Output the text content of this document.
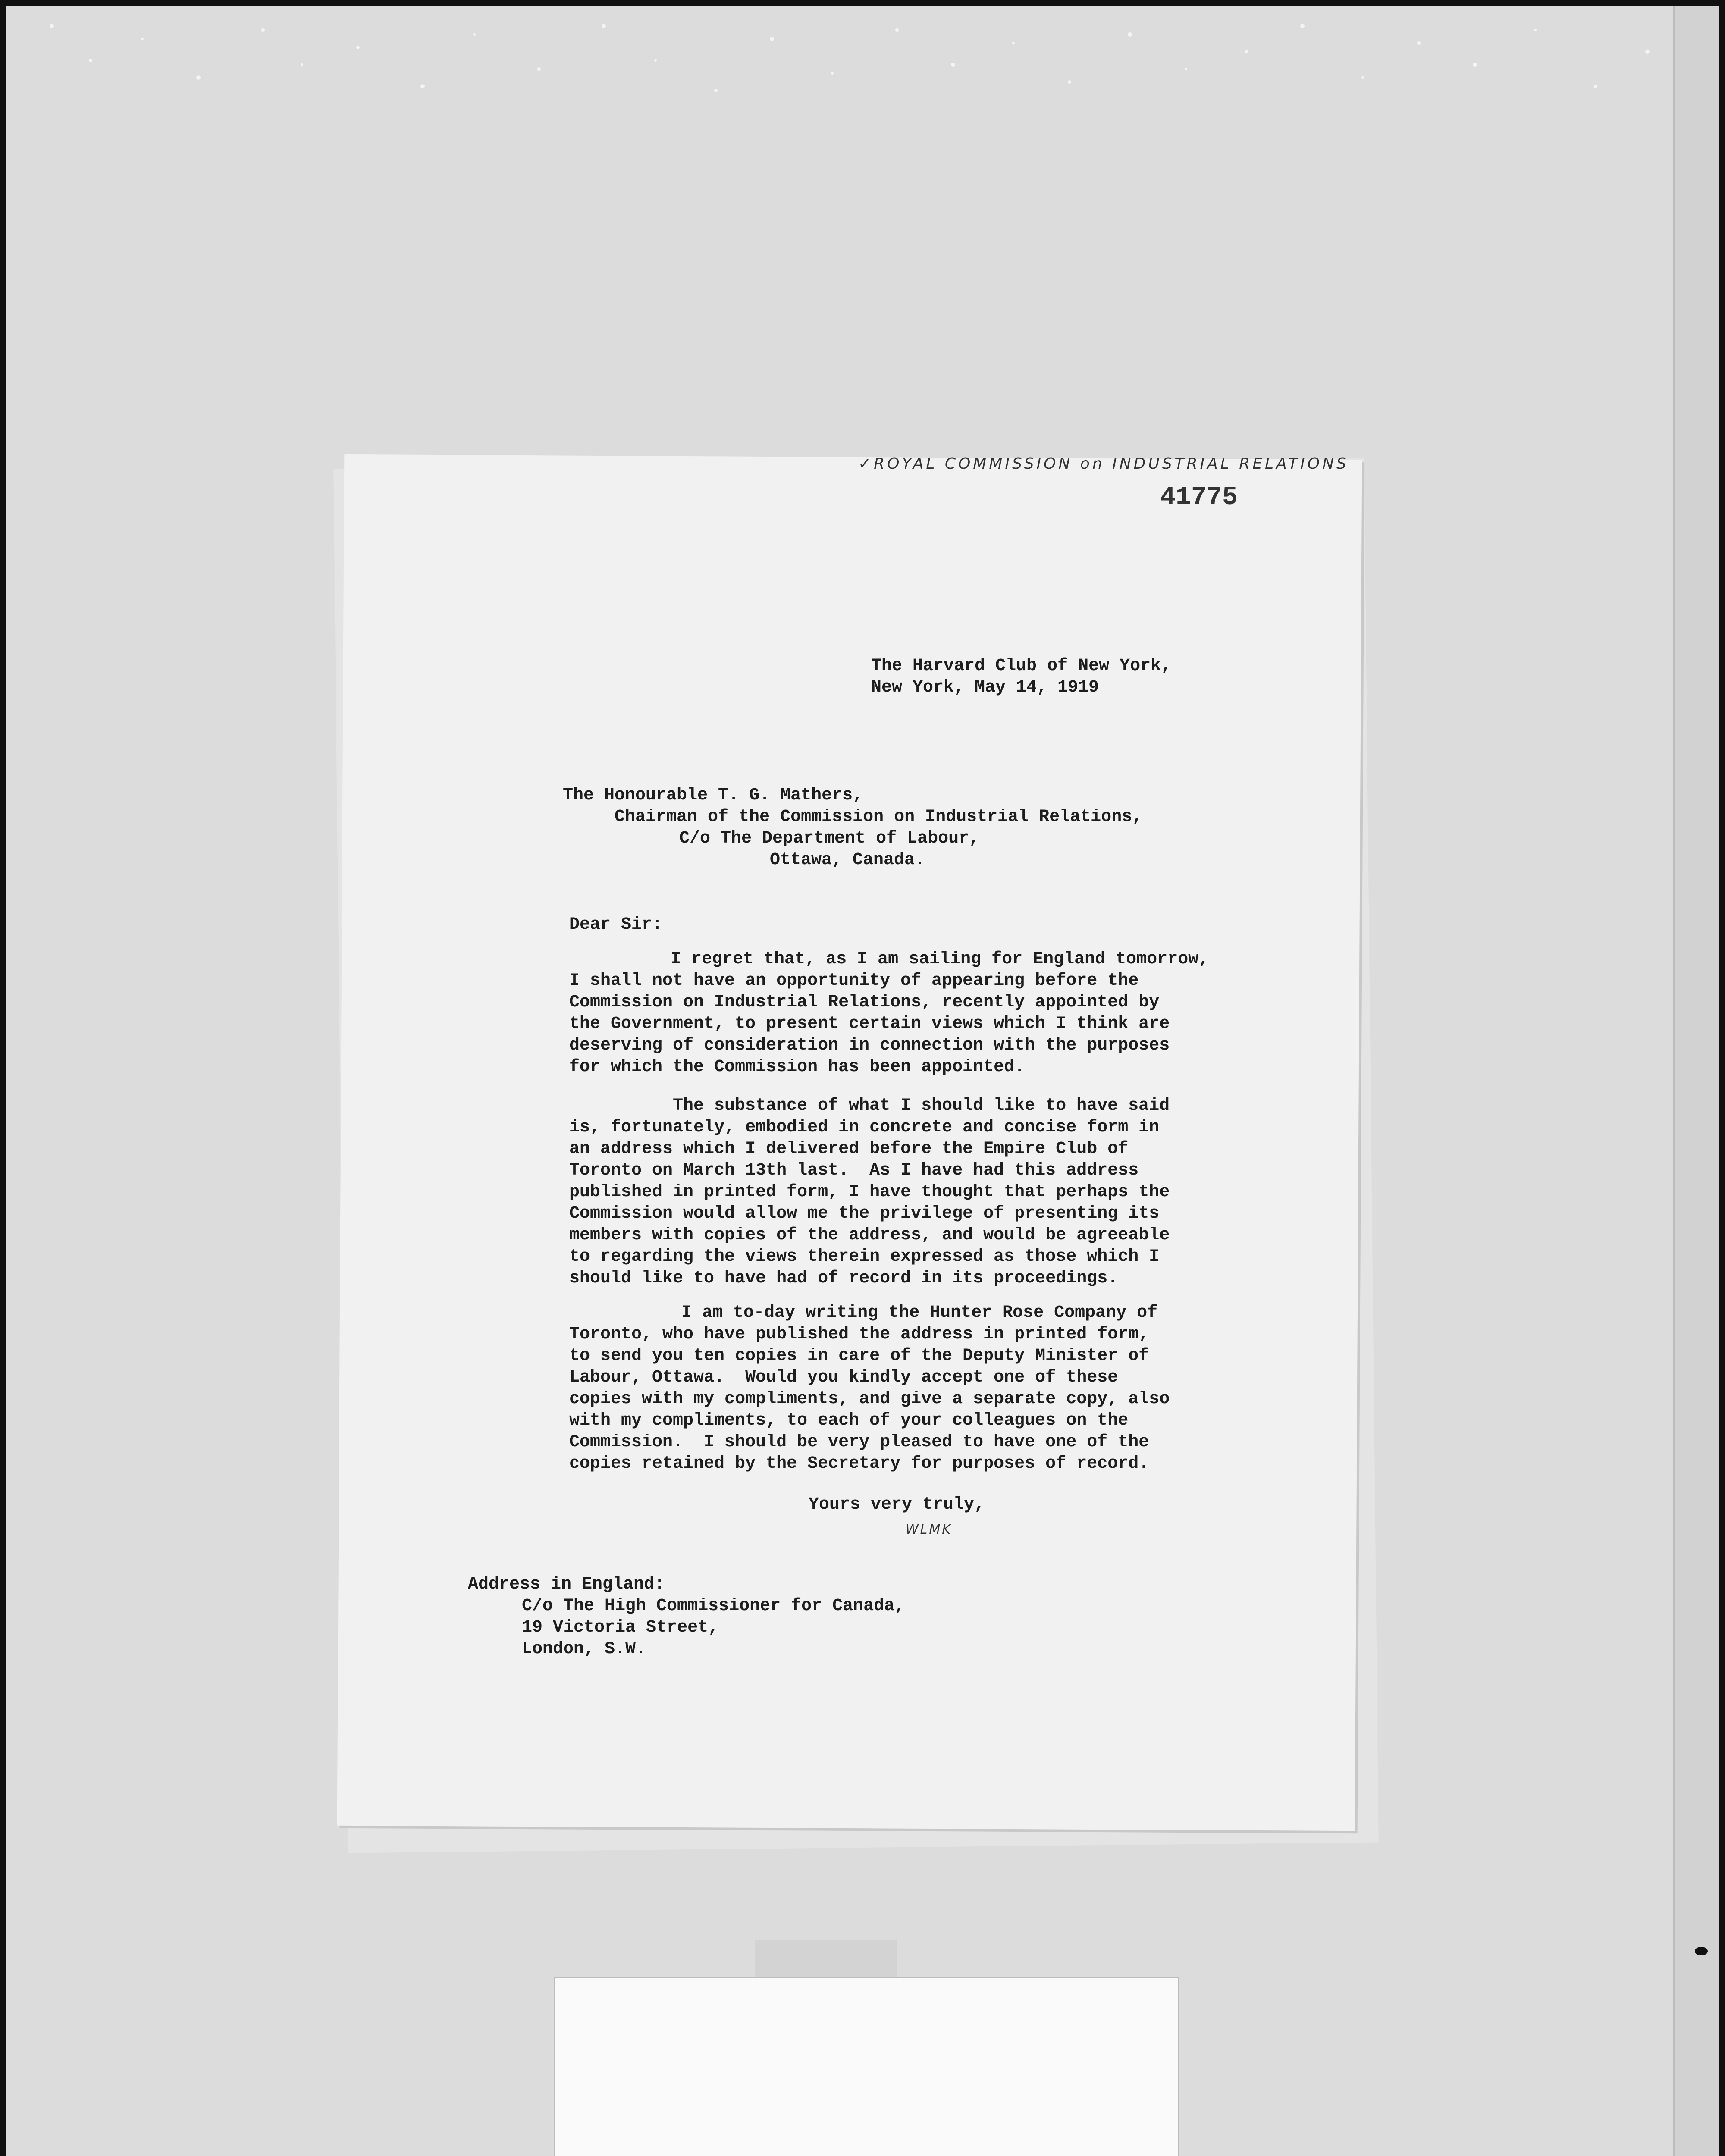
✓ROYAL COMMISSION on INDUSTRIAL RELATIONS
41775
The Harvard Club of New York,
New York, May 14, 1919
The Honourable T. G. Mathers,
Chairman of the Commission on Industrial Relations,
C/o The Department of Labour,
Ottawa, Canada.
Dear Sir:
I regret that, as I am sailing for England tomorrow,
I shall not have an opportunity of appearing before the
Commission on Industrial Relations, recently appointed by
the Government, to present certain views which I think are
deserving of consideration in connection with the purposes
for which the Commission has been appointed.
The substance of what I should like to have said
is, fortunately, embodied in concrete and concise form in
an address which I delivered before the Empire Club of
Toronto on March 13th last.  As I have had this address
published in printed form, I have thought that perhaps the
Commission would allow me the privilege of presenting its
members with copies of the address, and would be agreeable
to regarding the views therein expressed as those which I
should like to have had of record in its proceedings.
I am to-day writing the Hunter Rose Company of
Toronto, who have published the address in printed form,
to send you ten copies in care of the Deputy Minister of
Labour, Ottawa.  Would you kindly accept one of these
copies with my compliments, and give a separate copy, also
with my compliments, to each of your colleagues on the
Commission.  I should be very pleased to have one of the
copies retained by the Secretary for purposes of record.
Yours very truly,
WLMK
Address in England:
C/o The High Commissioner for Canada,
19 Victoria Street,
London, S.W.
